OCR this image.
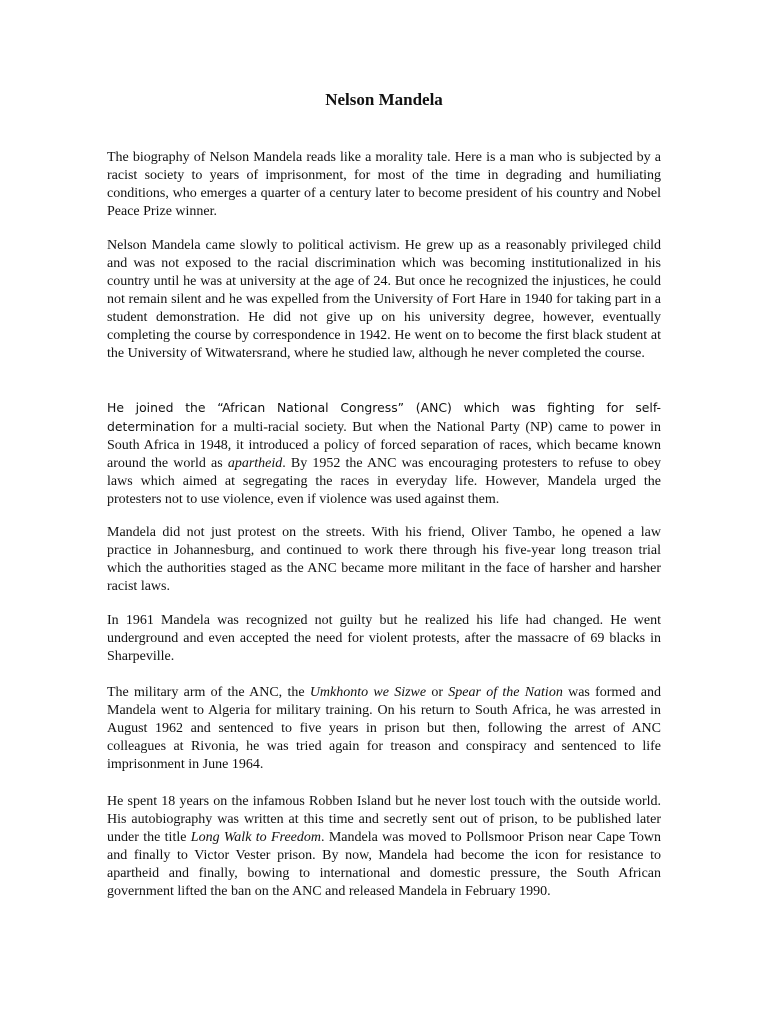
Nelson Mandela

The biography of Nelson Mandela reads like a morality tale. Here is a man who is subjected by a racist society to years of imprisonment, for most of the time in degrading and humiliating conditions, who emerges a quarter of a century later to become president of his country and Nobel Peace Prize winner.

Nelson Mandela came slowly to political activism. He grew up as a reasonably privileged child and was not exposed to the racial discrimination which was becoming institutionalized in his country until he was at university at the age of 24. But once he recognized the injustices, he could not remain silent and he was expelled from the University of Fort Hare in 1940 for taking part in a student demonstration. He did not give up on his university degree, however, eventually completing the course by correspondence in 1942. He went on to become the first black student at the University of Witwatersrand, where he studied law, although he never completed the course.

He joined the “African National Congress” (ANC) which was fighting for self-determination for a multi-racial society. But when the National Party (NP) came to power in South Africa in 1948, it introduced a policy of forced separation of races, which became known around the world as apartheid. By 1952 the ANC was encouraging protesters to refuse to obey laws which aimed at segregating the races in everyday life. However, Mandela urged the protesters not to use violence, even if violence was used against them.

Mandela did not just protest on the streets. With his friend, Oliver Tambo, he opened a law practice in Johannesburg, and continued to work there through his five-year long treason trial which the authorities staged as the ANC became more militant in the face of harsher and harsher racist laws.

In 1961 Mandela was recognized not guilty but he realized his life had changed. He went underground and even accepted the need for violent protests, after the massacre of 69 blacks in Sharpeville.

The military arm of the ANC, the Umkhonto we Sizwe or Spear of the Nation was formed and Mandela went to Algeria for military training. On his return to South Africa, he was arrested in August 1962 and sentenced to five years in prison but then, following the arrest of ANC colleagues at Rivonia, he was tried again for treason and conspiracy and sentenced to life imprisonment in June 1964.

He spent 18 years on the infamous Robben Island but he never lost touch with the outside world. His autobiography was written at this time and secretly sent out of prison, to be published later under the title Long Walk to Freedom. Mandela was moved to Pollsmoor Prison near Cape Town and finally to Victor Vester prison. By now, Mandela had become the icon for resistance to apartheid and finally, bowing to international and domestic pressure, the South African government lifted the ban on the ANC and released Mandela in February 1990.
